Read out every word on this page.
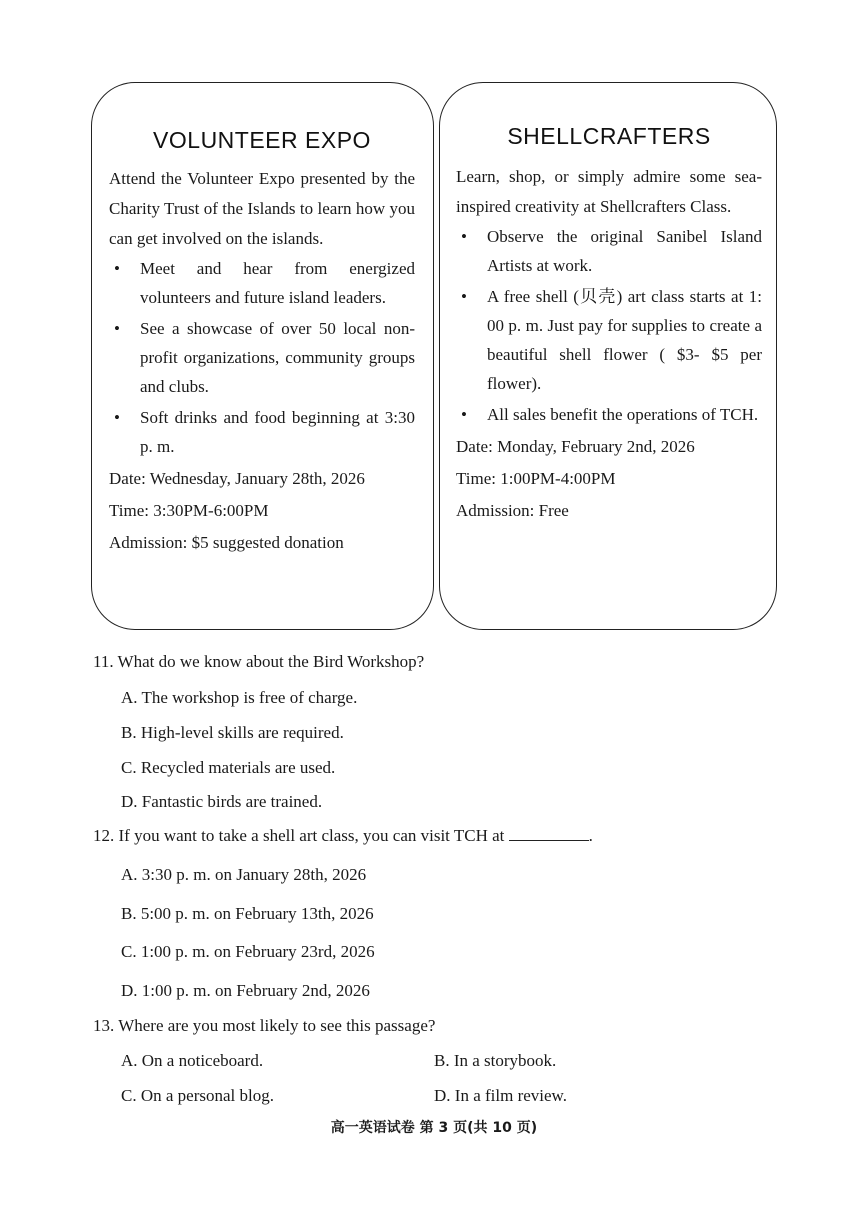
VOLUNTEER EXPO

Attend the Volunteer Expo presented by the Charity Trust of the Islands to learn how you can get involved on the islands.

• Meet and hear from energized volunteers and future island leaders.
• See a showcase of over 50 local non-profit organizations, community groups and clubs.
• Soft drinks and food beginning at 3:30 p. m.

Date: Wednesday, January 28th, 2026

Time: 3:30PM-6:00PM

Admission: $5 suggested donation

SHELLCRAFTERS

Learn, shop, or simply admire some sea-inspired creativity at Shellcrafters Class.

• Observe the original Sanibel Island Artists at work.
• A free shell (贝壳) art class starts at 1: 00 p. m. Just pay for supplies to create a beautiful shell flower ( $3- $5 per flower).
• All sales benefit the operations of TCH.

Date: Monday, February 2nd, 2026

Time: 1:00PM-4:00PM

Admission: Free

11. What do we know about the Bird Workshop?
A. The workshop is free of charge.
B. High-level skills are required.
C. Recycled materials are used.
D. Fantastic birds are trained.
12. If you want to take a shell art class, you can visit TCH at	.
A. 3:30 p. m. on January 28th, 2026
B. 5:00 p. m. on February 13th, 2026
C. 1:00 p. m. on February 23rd, 2026
D. 1:00 p. m. on February 2nd, 2026
13. Where are you most likely to see this passage?
A. On a noticeboard.	B. In a storybook.
C. On a personal blog.	D. In a film review.
高一英语试卷 第 3 页(共 10 页)
